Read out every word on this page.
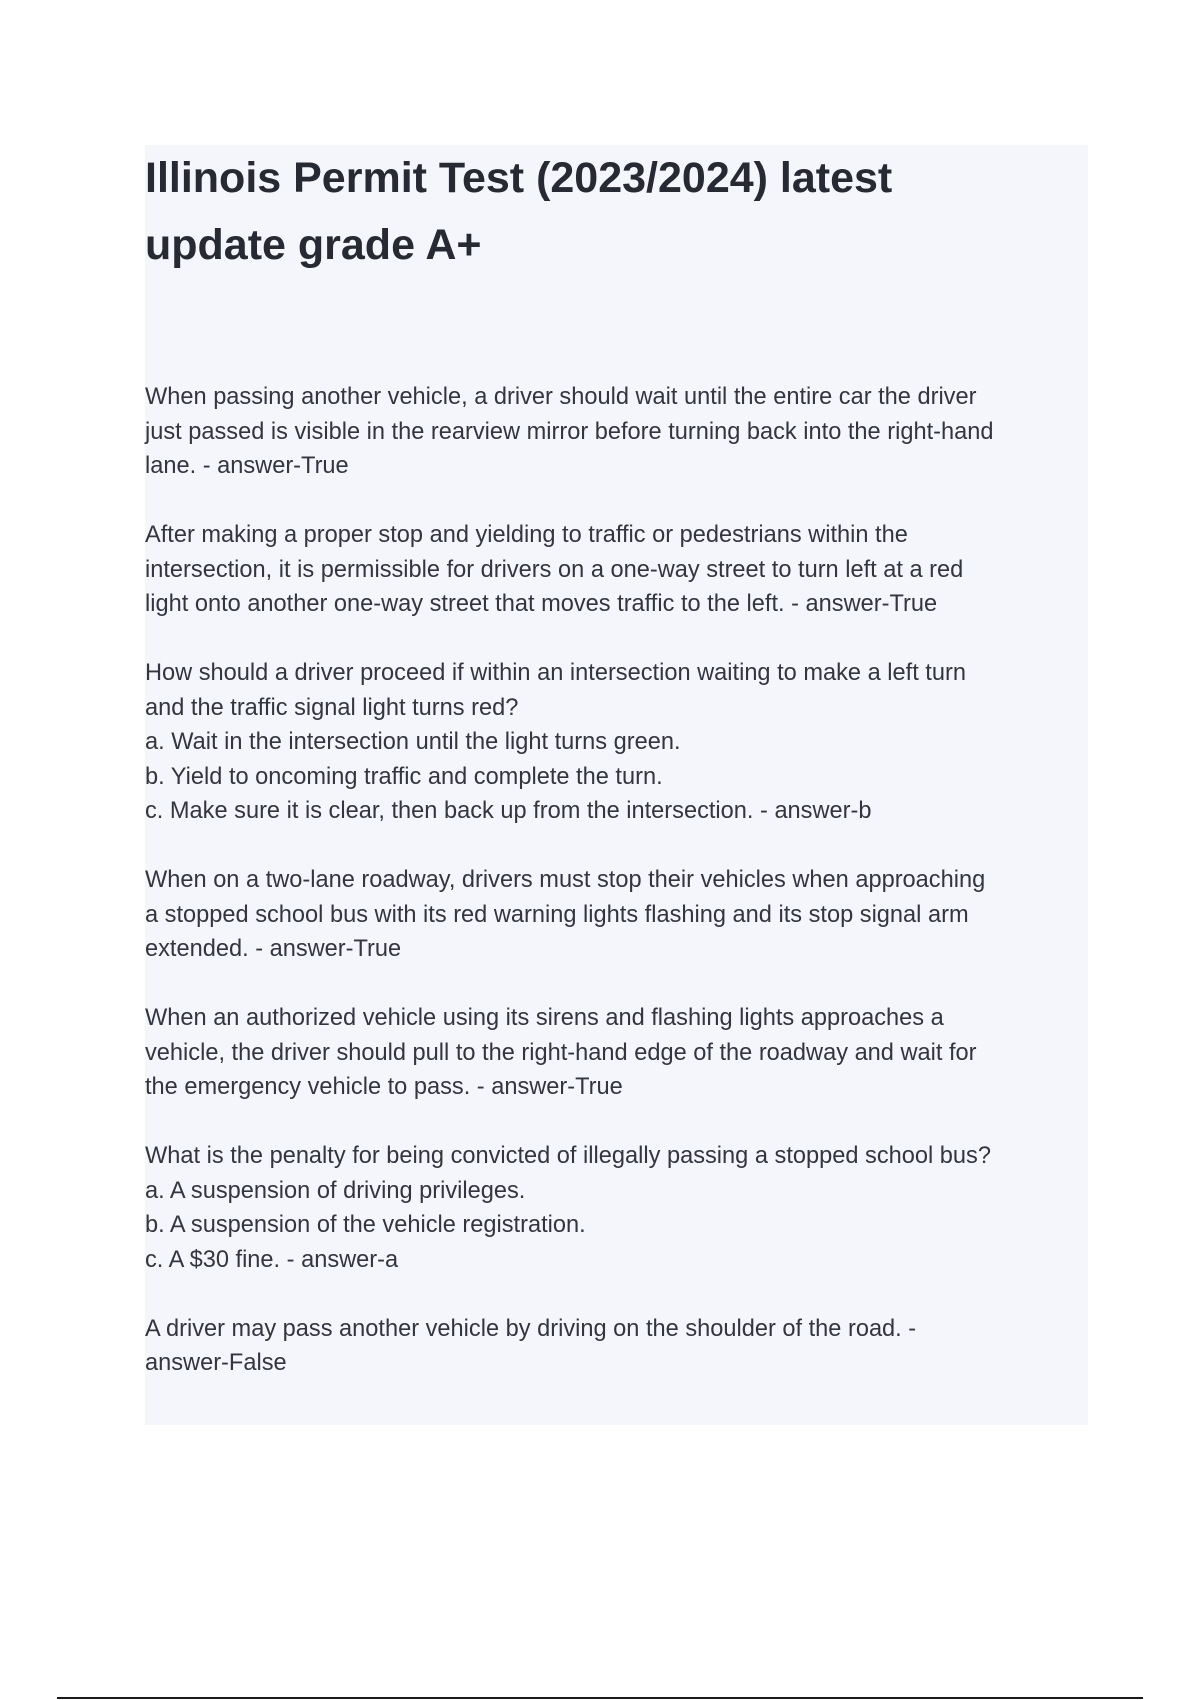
Illinois Permit Test (2023/2024) latest
update grade A+

When passing another vehicle, a driver should wait until the entire car the driver
just passed is visible in the rearview mirror before turning back into the right-hand
lane. - answer-True

After making a proper stop and yielding to traffic or pedestrians within the
intersection, it is permissible for drivers on a one-way street to turn left at a red
light onto another one-way street that moves traffic to the left. - answer-True

How should a driver proceed if within an intersection waiting to make a left turn
and the traffic signal light turns red?
a. Wait in the intersection until the light turns green.
b. Yield to oncoming traffic and complete the turn.
c. Make sure it is clear, then back up from the intersection. - answer-b

When on a two-lane roadway, drivers must stop their vehicles when approaching
a stopped school bus with its red warning lights flashing and its stop signal arm
extended. - answer-True

When an authorized vehicle using its sirens and flashing lights approaches a
vehicle, the driver should pull to the right-hand edge of the roadway and wait for
the emergency vehicle to pass. - answer-True

What is the penalty for being convicted of illegally passing a stopped school bus?
a. A suspension of driving privileges.
b. A suspension of the vehicle registration.
c. A $30 fine. - answer-a

A driver may pass another vehicle by driving on the shoulder of the road. -
answer-False
